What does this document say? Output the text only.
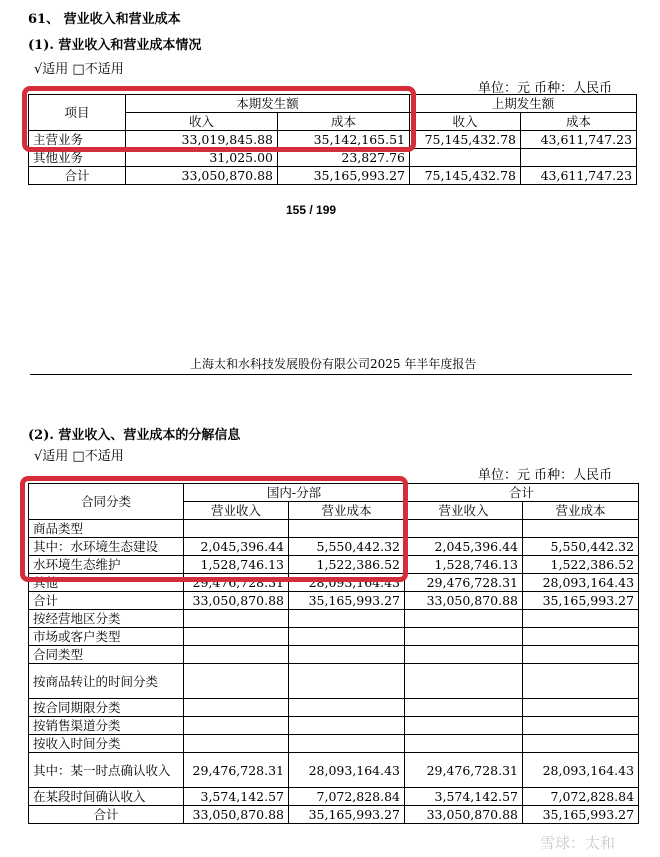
61、 营业收入和营业成本
(1). 营业收入和营业成本情况
√适用 □不适用
单位：元 币种：人民币
项目	本期发生额		上期发生额	
	收入	成本	收入	成本
主营业务	33,019,845.88	35,142,165.51	75,145,432.78	43,611,747.23
其他业务	31,025.00	23,827.76		
合计	33,050,870.88	35,165,993.27	75,145,432.78	43,611,747.23
155 / 199
上海太和水科技发展股份有限公司2025 年半年度报告
(2). 营业收入、营业成本的分解信息
√适用 □不适用
单位：元 币种：人民币
合同分类	国内-分部		合计	
	营业收入	营业成本	营业收入	营业成本
商品类型				
其中：水环境生态建设	2,045,396.44	5,550,442.32	2,045,396.44	5,550,442.32
水环境生态维护	1,528,746.13	1,522,386.52	1,528,746.13	1,522,386.52
其他	29,476,728.31	28,093,164.43	29,476,728.31	28,093,164.43
合计	33,050,870.88	35,165,993.27	33,050,870.88	35,165,993.27
按经营地区分类				
市场或客户类型				
合同类型				
按商品转让的时间分类				
按合同期限分类				
按销售渠道分类				
按收入时间分类				
其中：某一时点确认收入	29,476,728.31	28,093,164.43	29,476,728.31	28,093,164.43
在某段时间确认收入	3,574,142.57	7,072,828.84	3,574,142.57	7,072,828.84
合计	33,050,870.88	35,165,993.27	33,050,870.88	35,165,993.27
雪球：太和
